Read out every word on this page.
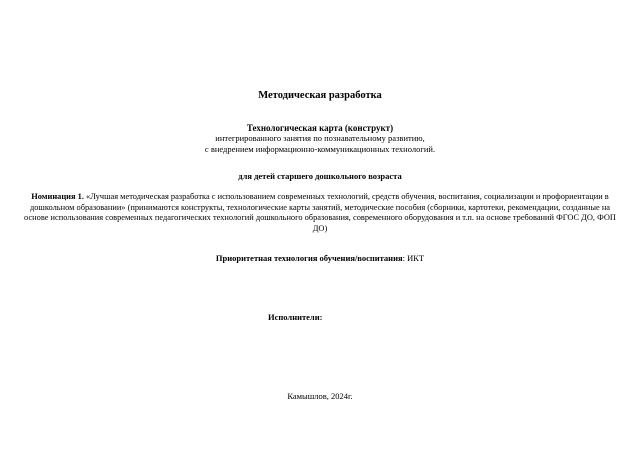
Методическая разработка
Технологическая карта (конструкт)
интегрированного занятия по познавательному развитию,
с внедрением информационно-коммуникационных технологий.
для детей старшего дошкольного возраста
Номинация 1. «Лучшая методическая разработка с использованием современных технологий, средств обучения, воспитания, социализации и профориентации в дошкольном образовании» (принимаются конструкты, технологические карты занятий, методические пособия (сборники, картотеки, рекомендации, созданные на основе использования современных педагогических технологий дошкольного образования, современного оборудования и т.п. на основе требований ФГОС ДО, ФОП ДО)
Приоритетная технология обучения/воспитания: ИКТ
Исполнители:
Камышлов, 2024г.
